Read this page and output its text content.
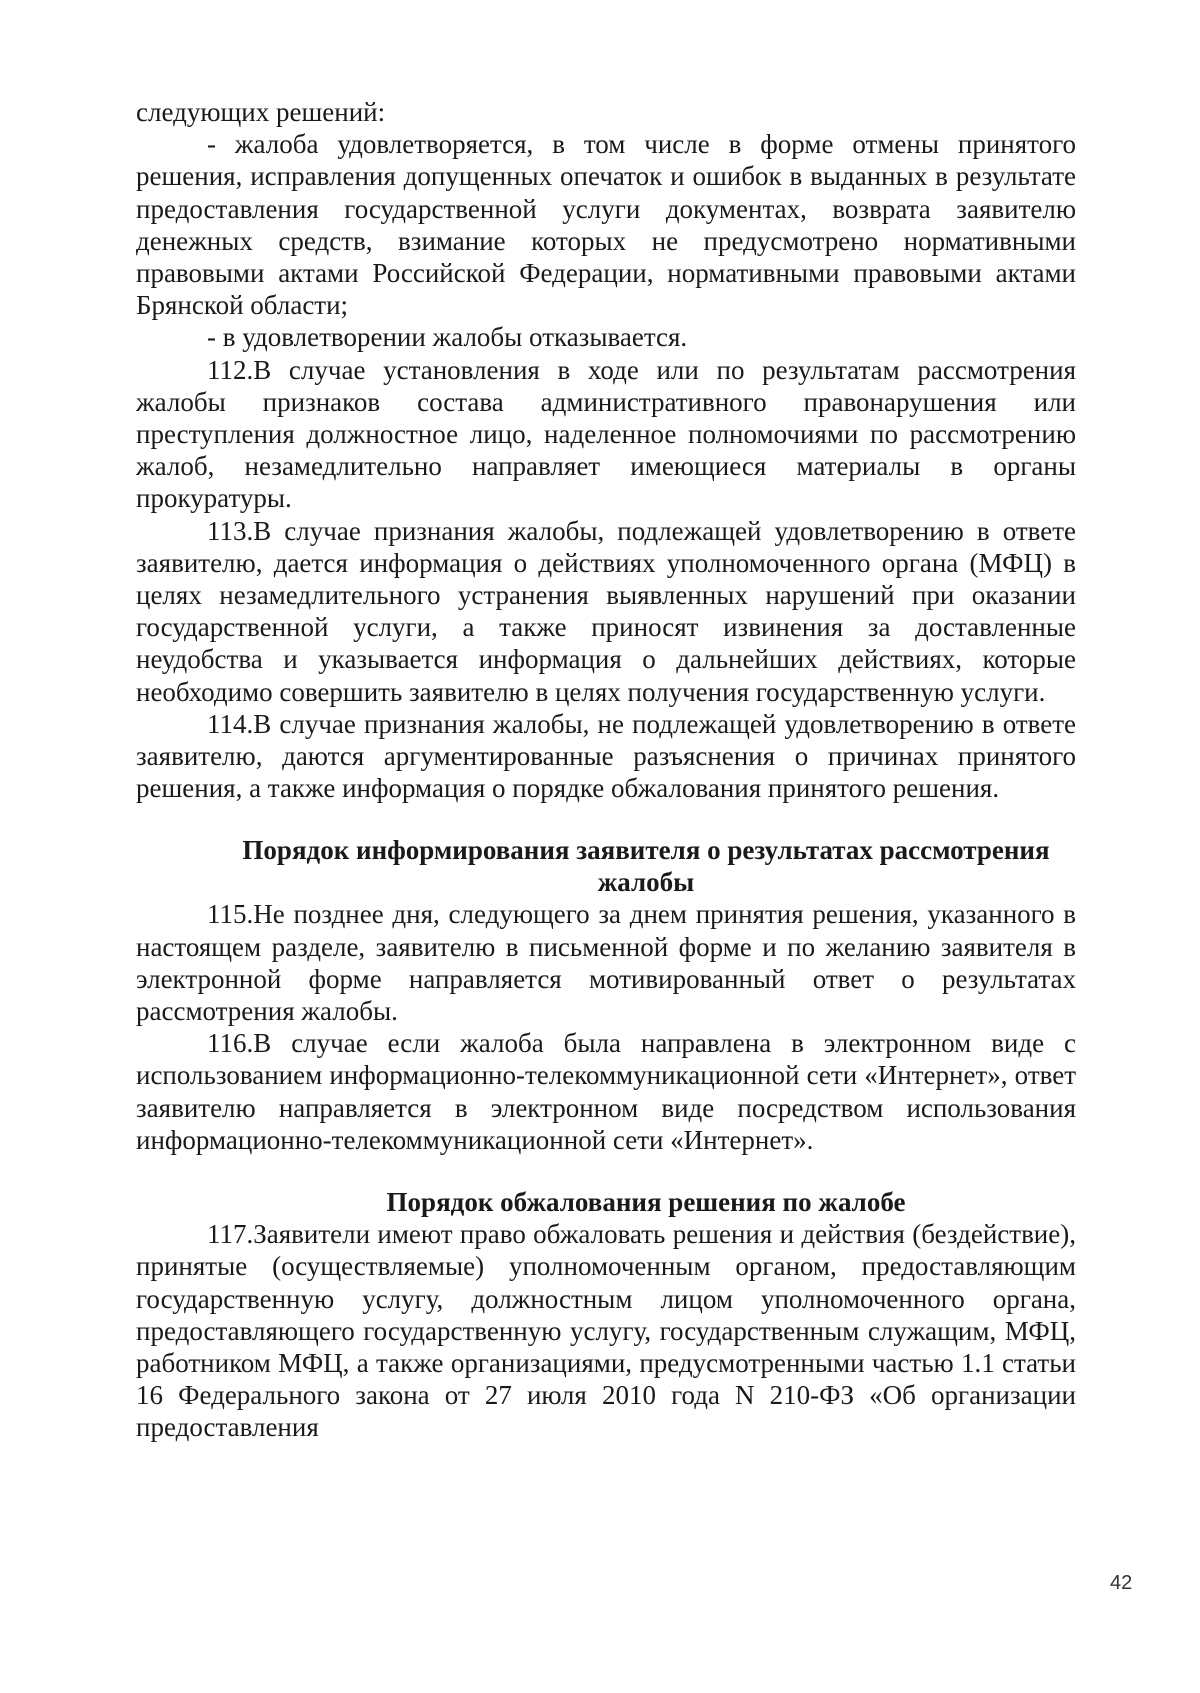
следующих решений:

- жалоба удовлетворяется, в том числе в форме отмены принятого решения, исправления допущенных опечаток и ошибок в выданных в результате предоставления государственной услуги документах, возврата заявителю денежных средств, взимание которых не предусмотрено нормативными правовыми актами Российской Федерации, нормативными правовыми актами Брянской области;

- в удовлетворении жалобы отказывается.

112.В случае установления в ходе или по результатам рассмотрения жалобы признаков состава административного правонарушения или преступления должностное лицо, наделенное полномочиями по рассмотрению жалоб, незамедлительно направляет имеющиеся материалы в органы прокуратуры.

113.В случае признания жалобы, подлежащей удовлетворению в ответе заявителю, дается информация о действиях уполномоченного органа (МФЦ) в целях незамедлительного устранения выявленных нарушений при оказании государственной услуги, а также приносят извинения за доставленные неудобства и указывается информация о дальнейших действиях, которые необходимо совершить заявителю в целях получения государственную услуги.

114.В случае признания жалобы, не подлежащей удовлетворению в ответе заявителю, даются аргументированные разъяснения о причинах принятого решения, а также информация о порядке обжалования принятого решения.

Порядок информирования заявителя о результатах рассмотрения жалобы

115.Не позднее дня, следующего за днем принятия решения, указанного в настоящем разделе, заявителю в письменной форме и по желанию заявителя в электронной форме направляется мотивированный ответ о результатах рассмотрения жалобы.

116.В случае если жалоба была направлена в электронном виде с использованием информационно-телекоммуникационной сети «Интернет», ответ заявителю направляется в электронном виде посредством использования информационно-телекоммуникационной сети «Интернет».

Порядок обжалования решения по жалобе

117.Заявители имеют право обжаловать решения и действия (бездействие), принятые (осуществляемые) уполномоченным органом, предоставляющим государственную услугу, должностным лицом уполномоченного органа, предоставляющего государственную услугу, государственным служащим, МФЦ, работником МФЦ, а также организациями, предусмотренными частью 1.1 статьи 16 Федерального закона от 27 июля 2010 года N 210-ФЗ «Об организации предоставления

42
